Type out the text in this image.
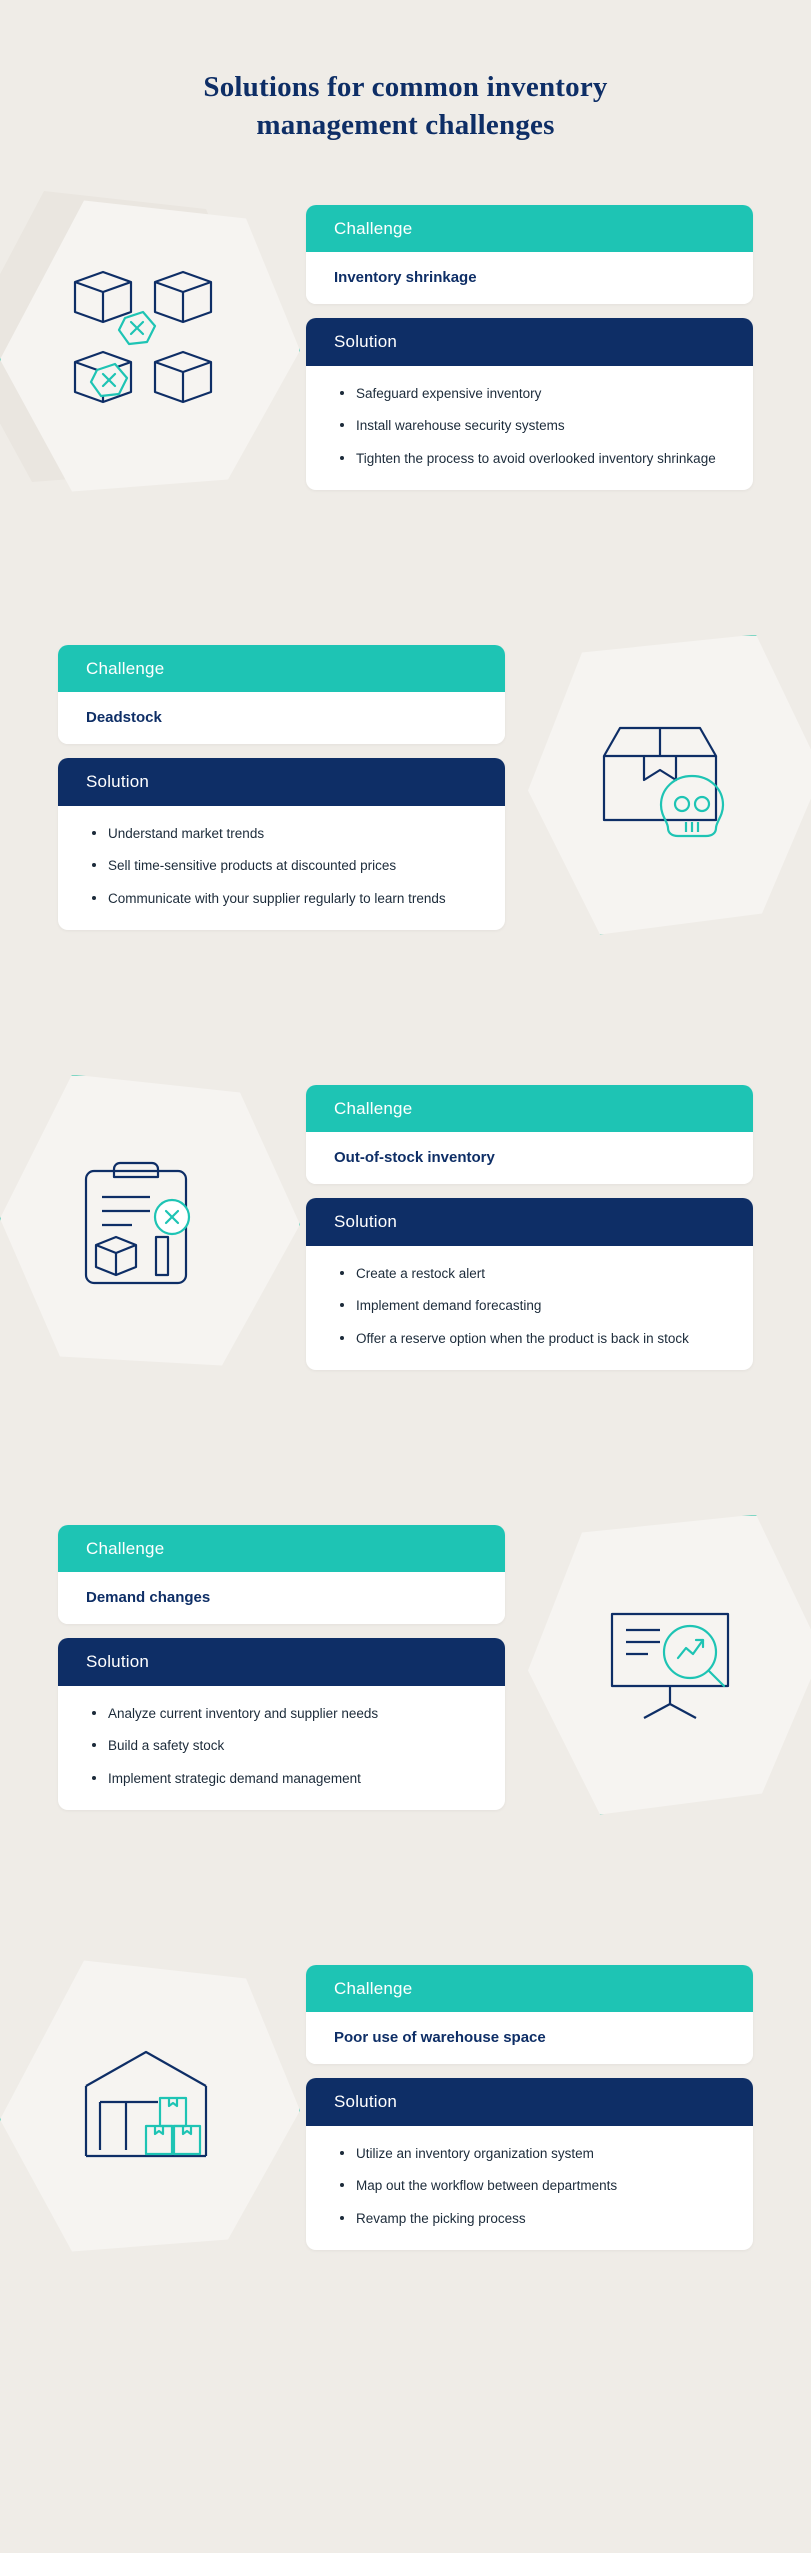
Solutions for common inventory management challenges
Challenge
Inventory shrinkage
Solution
Safeguard expensive inventory
Install warehouse security systems
Tighten the process to avoid overlooked inventory shrinkage
Challenge
Deadstock
Solution
Understand market trends
Sell time-sensitive products at discounted prices
Communicate with your supplier regularly to learn trends
Challenge
Out-of-stock inventory
Solution
Create a restock alert
Implement demand forecasting
Offer a reserve option when the product is back in stock
Challenge
Demand changes
Solution
Analyze current inventory and supplier needs
Build a safety stock
Implement strategic demand management
Challenge
Poor use of warehouse space
Solution
Utilize an inventory organization system
Map out the workflow between departments
Revamp the picking process
